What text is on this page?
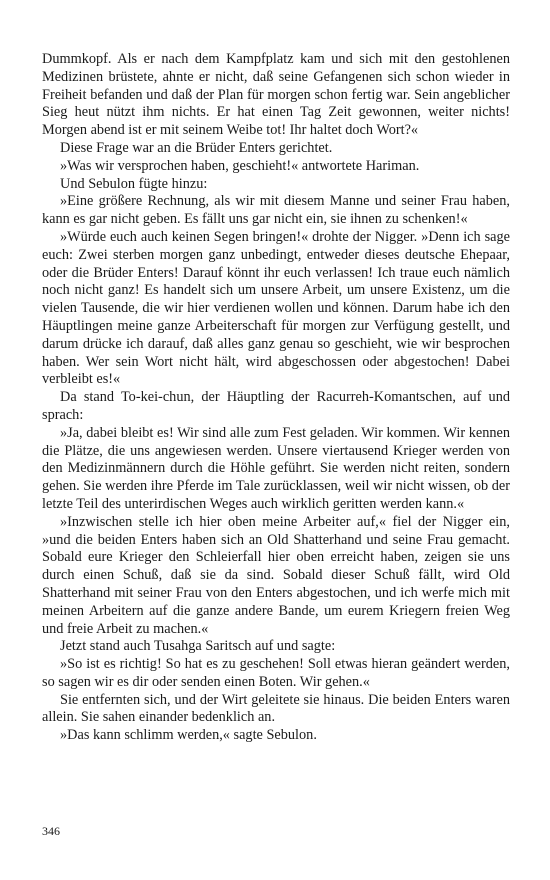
Dummkopf. Als er nach dem Kampfplatz kam und sich mit den gestohlenen Medizinen brüstete, ahnte er nicht, daß seine Gefangenen sich schon wieder in Freiheit befanden und daß der Plan für morgen schon fertig war. Sein angeblicher Sieg heut nützt ihm nichts. Er hat einen Tag Zeit gewonnen, weiter nichts! Morgen abend ist er mit seinem Weibe tot! Ihr haltet doch Wort?«

Diese Frage war an die Brüder Enters gerichtet.

»Was wir versprochen haben, geschieht!« antwortete Hariman.

Und Sebulon fügte hinzu:

»Eine größere Rechnung, als wir mit diesem Manne und seiner Frau haben, kann es gar nicht geben. Es fällt uns gar nicht ein, sie ihnen zu schenken!«

»Würde euch auch keinen Segen bringen!« drohte der Nigger. »Denn ich sage euch: Zwei sterben morgen ganz unbedingt, entweder dieses deutsche Ehepaar, oder die Brüder Enters! Darauf könnt ihr euch verlassen! Ich traue euch nämlich noch nicht ganz! Es handelt sich um unsere Arbeit, um unsere Existenz, um die vielen Tausende, die wir hier verdienen wollen und können. Darum habe ich den Häuptlingen meine ganze Arbeiterschaft für morgen zur Verfügung gestellt, und darum drücke ich darauf, daß alles ganz genau so geschieht, wie wir besprochen haben. Wer sein Wort nicht hält, wird abgeschossen oder abgestochen! Dabei verbleibt es!«

Da stand To-kei-chun, der Häuptling der Racurreh-Komantschen, auf und sprach:

»Ja, dabei bleibt es! Wir sind alle zum Fest geladen. Wir kommen. Wir kennen die Plätze, die uns angewiesen werden. Unsere viertausend Krieger werden von den Medizinmännern durch die Höhle geführt. Sie werden nicht reiten, sondern gehen. Sie werden ihre Pferde im Tale zurücklassen, weil wir nicht wissen, ob der letzte Teil des unterirdischen Weges auch wirklich geritten werden kann.«

»Inzwischen stelle ich hier oben meine Arbeiter auf,« fiel der Nigger ein, »und die beiden Enters haben sich an Old Shatterhand und seine Frau gemacht. Sobald eure Krieger den Schleierfall hier oben erreicht haben, zeigen sie uns durch einen Schuß, daß sie da sind. Sobald dieser Schuß fällt, wird Old Shatterhand mit seiner Frau von den Enters abgestochen, und ich werfe mich mit meinen Arbeitern auf die ganze andere Bande, um eurem Kriegern freien Weg und freie Arbeit zu machen.«

Jetzt stand auch Tusahga Saritsch auf und sagte:

»So ist es richtig! So hat es zu geschehen! Soll etwas hieran geändert werden, so sagen wir es dir oder senden einen Boten. Wir gehen.«

Sie entfernten sich, und der Wirt geleitete sie hinaus. Die beiden Enters waren allein. Sie sahen einander bedenklich an.

»Das kann schlimm werden,« sagte Sebulon.

346
